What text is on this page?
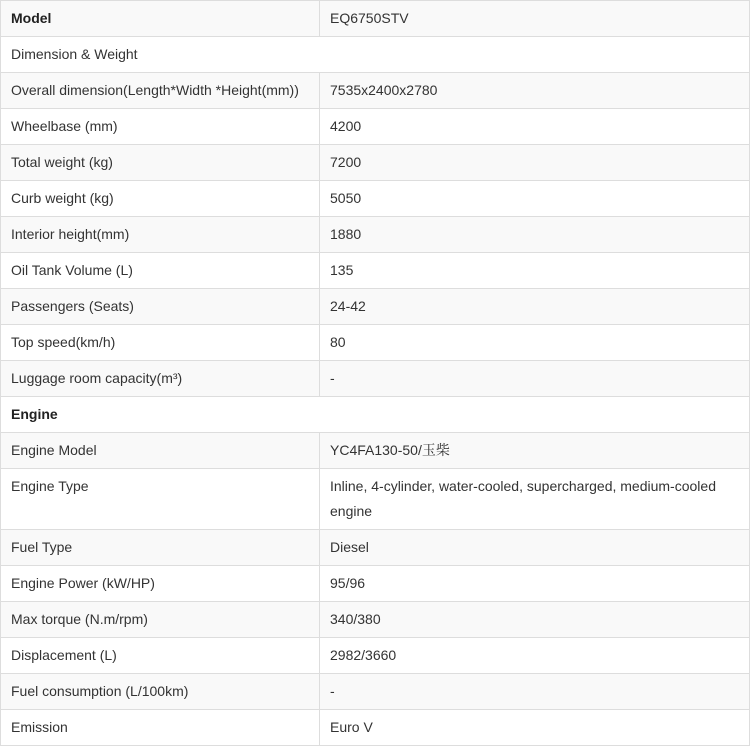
Model	EQ6750STV
Dimension & Weight	
Overall dimension(Length*Width *Height(mm))	7535x2400x2780
Wheelbase (mm)	4200
Total weight (kg)	7200
Curb weight (kg)	5050
Interior height(mm)	1880
Oil Tank Volume (L)	135
Passengers (Seats)	24-42
Top speed(km/h)	80
Luggage room capacity(m³)	-
Engine	
Engine Model	YC4FA130-50/玉柴
Engine Type	Inline, 4-cylinder, water-cooled, supercharged, medium-cooled engine
Fuel Type	Diesel
Engine Power (kW/HP)	95/96
Max torque (N.m/rpm)	340/380
Displacement (L)	2982/3660
Fuel consumption (L/100km)	-
Emission	Euro V
